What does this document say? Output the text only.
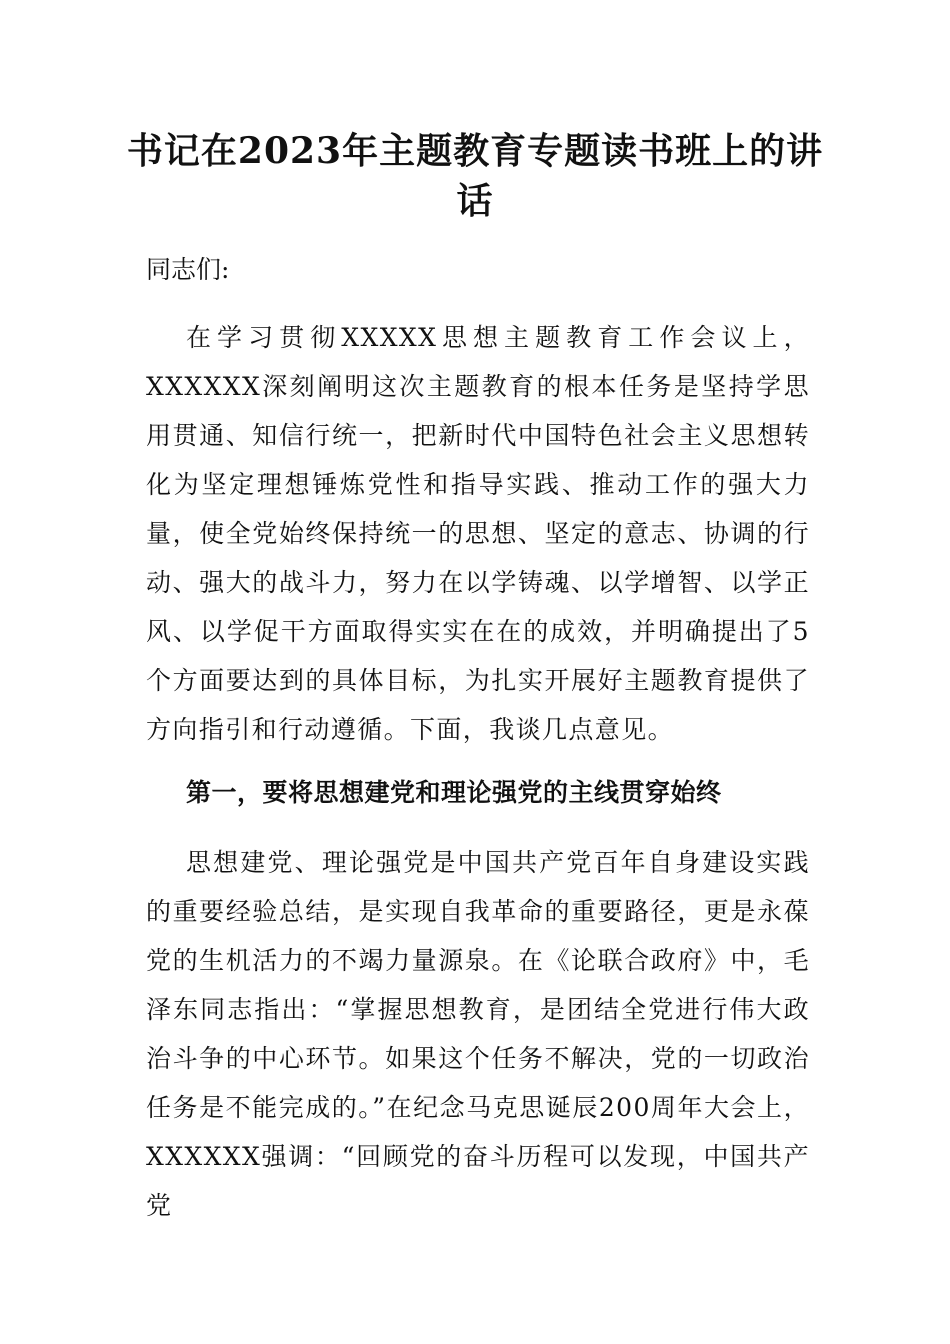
书记在2023年主题教育专题读书班上的讲话
同志们:

在学习贯彻XXXXX思想主题教育工作会议上，XXXXXX深刻阐明这次主题教育的根本任务是坚持学思用贯通、知信行统一，把新时代中国特色社会主义思想转化为坚定理想锤炼党性和指导实践、推动工作的强大力量，使全党始终保持统一的思想、坚定的意志、协调的行动、强大的战斗力，努力在以学铸魂、以学增智、以学正风、以学促干方面取得实实在在的成效，并明确提出了5个方面要达到的具体目标，为扎实开展好主题教育提供了方向指引和行动遵循。下面，我谈几点意见。

第一，要将思想建党和理论强党的主线贯穿始终

思想建党、理论强党是中国共产党百年自身建设实践的重要经验总结，是实现自我革命的重要路径，更是永葆党的生机活力的不竭力量源泉。在《论联合政府》中，毛泽东同志指出：“掌握思想教育，是团结全党进行伟大政治斗争的中心环节。如果这个任务不解决，党的一切政治任务是不能完成的。”在纪念马克思诞辰200周年大会上，XXXXXX强调：“回顾党的奋斗历程可以发现，中国共产党
